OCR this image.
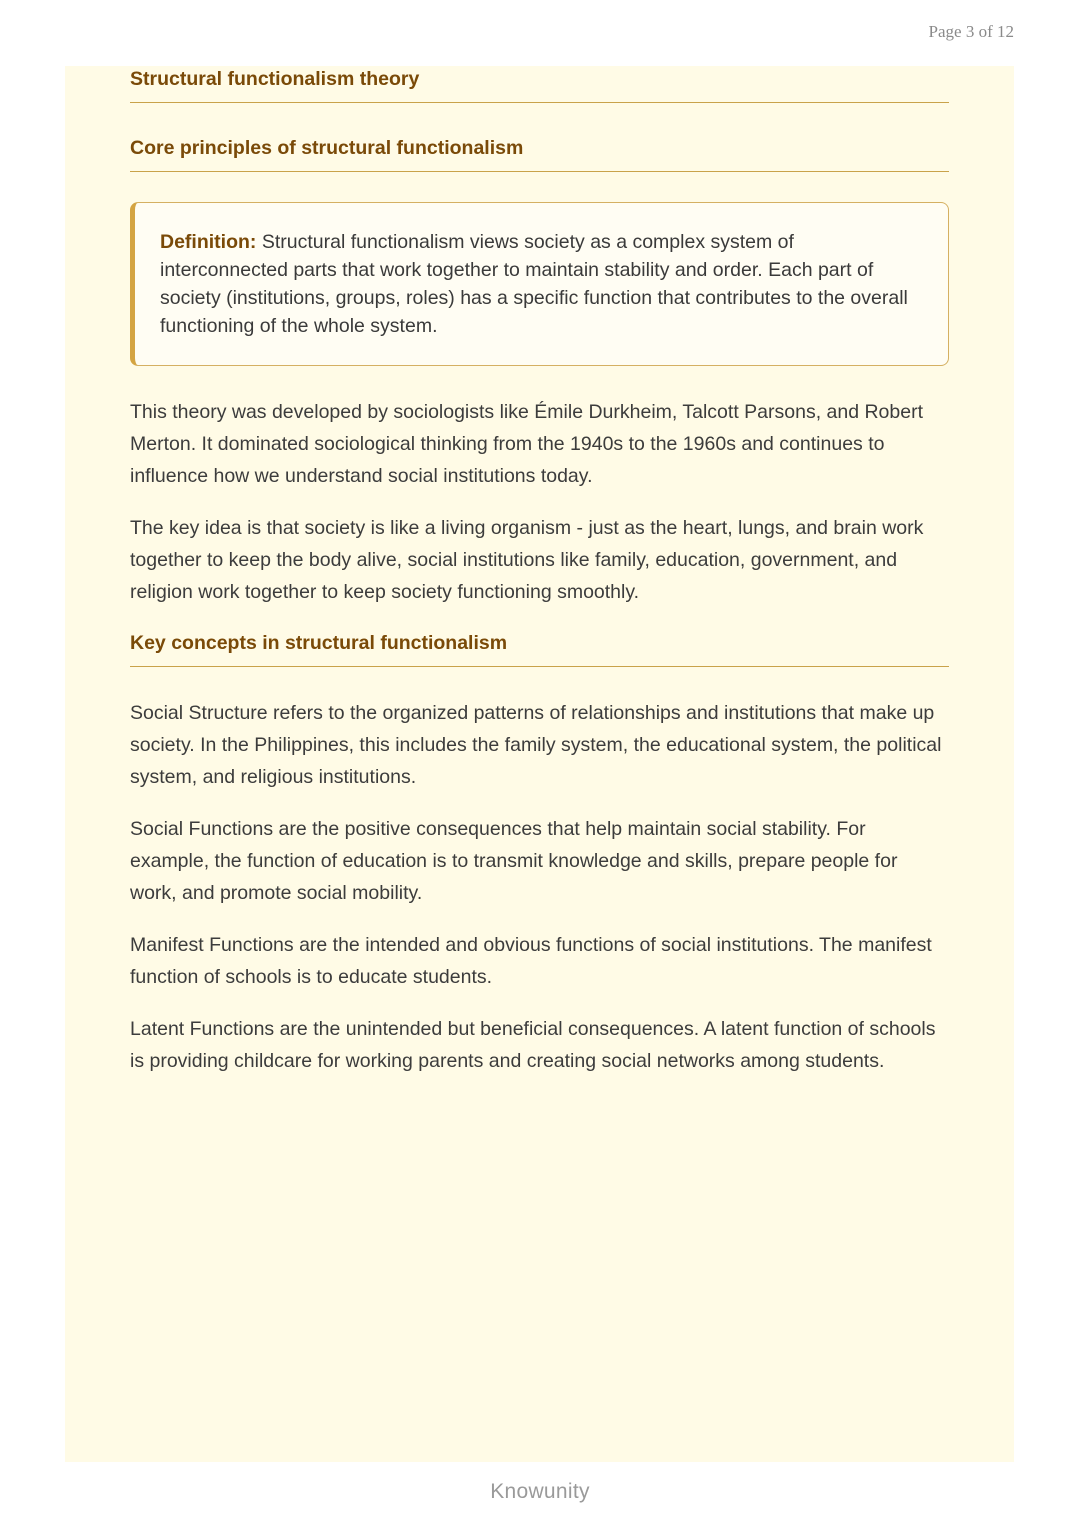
Page 3 of 12
Structural functionalism theory
Core principles of structural functionalism
Definition: Structural functionalism views society as a complex system of interconnected parts that work together to maintain stability and order. Each part of society (institutions, groups, roles) has a specific function that contributes to the overall functioning of the whole system.

This theory was developed by sociologists like Émile Durkheim, Talcott Parsons, and Robert Merton. It dominated sociological thinking from the 1940s to the 1960s and continues to influence how we understand social institutions today.

The key idea is that society is like a living organism - just as the heart, lungs, and brain work together to keep the body alive, social institutions like family, education, government, and religion work together to keep society functioning smoothly.

Key concepts in structural functionalism

Social Structure refers to the organized patterns of relationships and institutions that make up society. In the Philippines, this includes the family system, the educational system, the political system, and religious institutions.

Social Functions are the positive consequences that help maintain social stability. For example, the function of education is to transmit knowledge and skills, prepare people for work, and promote social mobility.

Manifest Functions are the intended and obvious functions of social institutions. The manifest function of schools is to educate students.

Latent Functions are the unintended but beneficial consequences. A latent function of schools is providing childcare for working parents and creating social networks among students.

Knowunity
